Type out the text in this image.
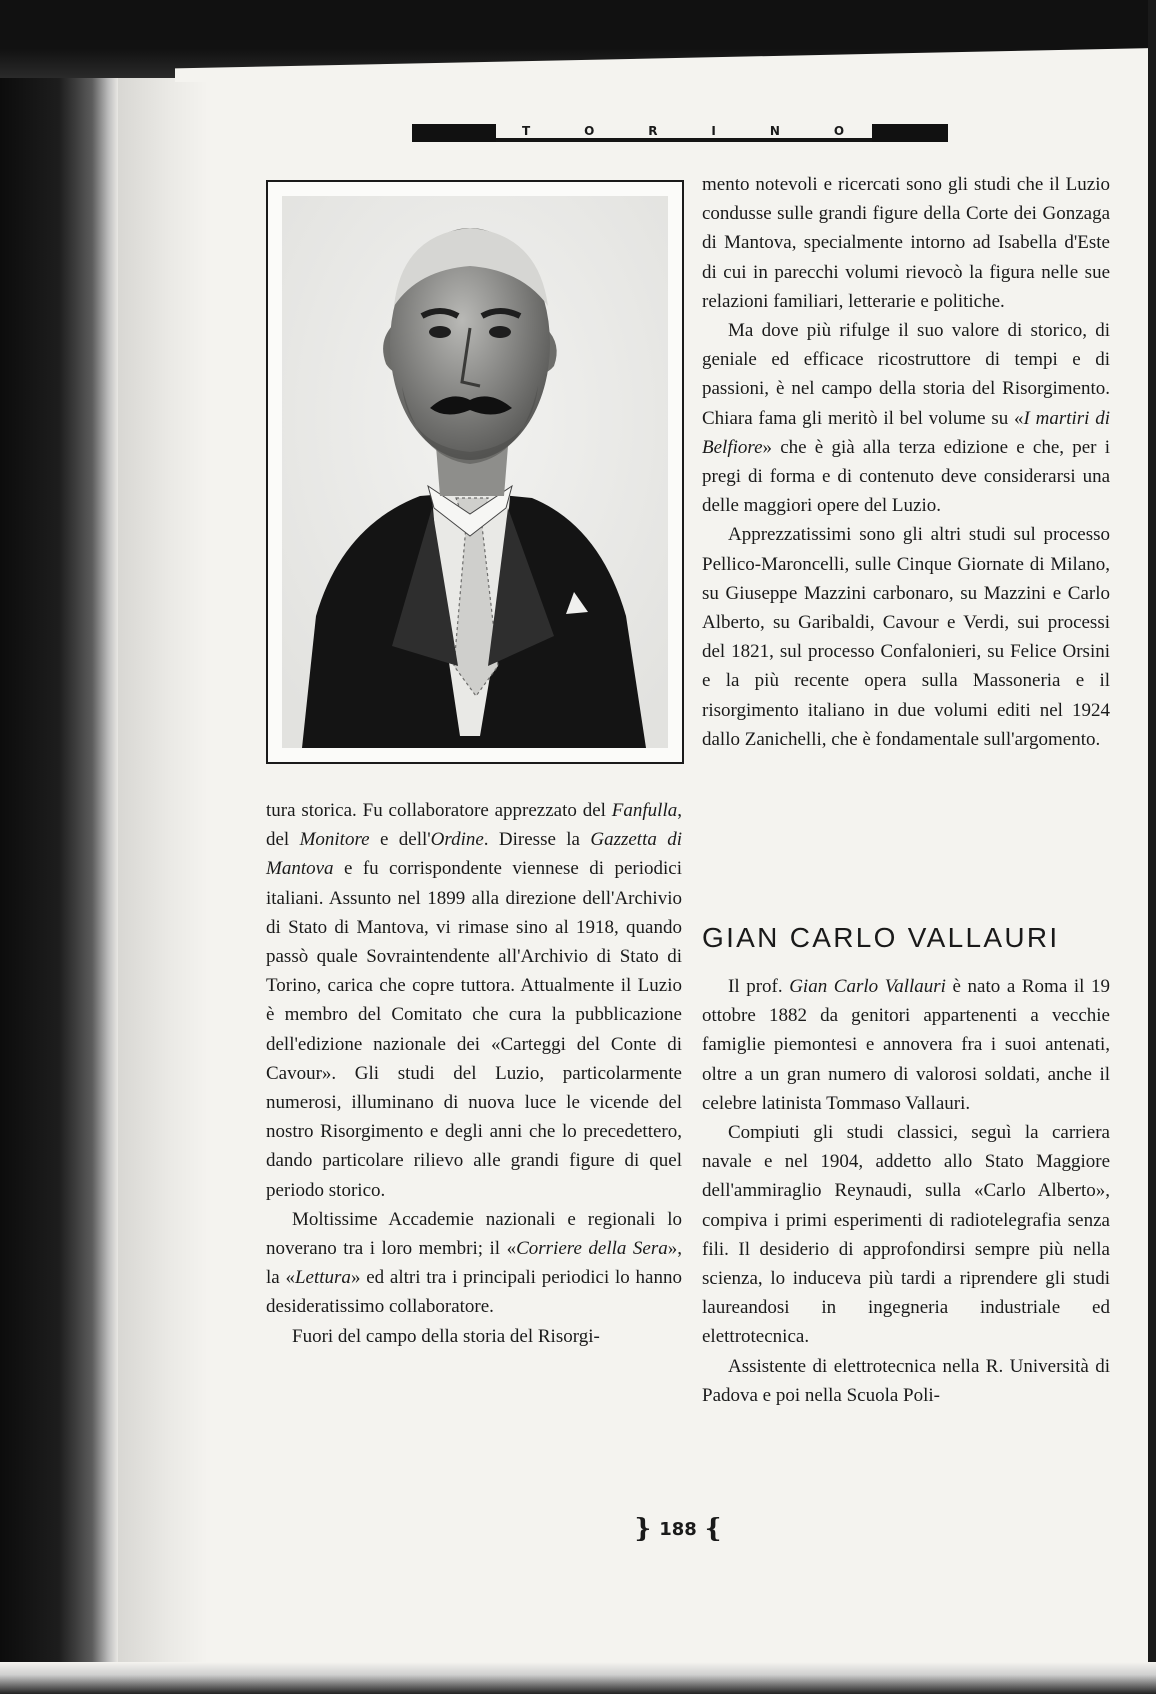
T	O	R	I	N	O

tura storica. Fu collaboratore apprezzato del Fanfulla, del Monitore e dell'Ordine. Diresse la Gazzetta di Mantova e fu corrispondente viennese di periodici italiani. Assunto nel 1899 alla direzione dell'Archivio di Stato di Mantova, vi rimase sino al 1918, quando passò quale Sovraintendente all'Archivio di Stato di Torino, carica che copre tuttora. Attualmente il Luzio è membro del Comitato che cura la pubblicazione dell'edizione nazionale dei «Carteggi del Conte di Cavour». Gli studi del Luzio, particolarmente numerosi, illuminano di nuova luce le vicende del nostro Risorgimento e degli anni che lo precedettero, dando particolare rilievo alle grandi figure di quel periodo storico.

Moltissime Accademie nazionali e regionali lo noverano tra i loro membri; il «Corriere della Sera», la «Lettura» ed altri tra i principali periodici lo hanno desideratissimo collaboratore.

Fuori del campo della storia del Risorgi-

mento notevoli e ricercati sono gli studi che il Luzio condusse sulle grandi figure della Corte dei Gonzaga di Mantova, specialmente intorno ad Isabella d'Este di cui in parecchi volumi rievocò la figura nelle sue relazioni familiari, letterarie e politiche.

Ma dove più rifulge il suo valore di storico, di geniale ed efficace ricostruttore di tempi e di passioni, è nel campo della storia del Risorgimento. Chiara fama gli meritò il bel volume su «I martiri di Belfiore» che è già alla terza edizione e che, per i pregi di forma e di contenuto deve considerarsi una delle maggiori opere del Luzio.

Apprezzatissimi sono gli altri studi sul processo Pellico-Maroncelli, sulle Cinque Giornate di Milano, su Giuseppe Mazzini carbonaro, su Mazzini e Carlo Alberto, su Garibaldi, Cavour e Verdi, sui processi del 1821, sul processo Confalonieri, su Felice Orsini e la più recente opera sulla Massoneria e il risorgimento italiano in due volumi editi nel 1924 dallo Zanichelli, che è fondamentale sull'argomento.

GIAN CARLO VALLAURI

Il prof. Gian Carlo Vallauri è nato a Roma il 19 ottobre 1882 da genitori appartenenti a vecchie famiglie piemontesi e annovera fra i suoi antenati, oltre a un gran numero di valorosi soldati, anche il celebre latinista Tommaso Vallauri.

Compiuti gli studi classici, seguì la carriera navale e nel 1904, addetto allo Stato Maggiore dell'ammiraglio Reynaudi, sulla «Carlo Alberto», compiva i primi esperimenti di radiotelegrafia senza fili. Il desiderio di approfondirsi sempre più nella scienza, lo induceva più tardi a riprendere gli studi laureandosi in ingegneria industriale ed elettrotecnica.

Assistente di elettrotecnica nella R. Università di Padova e poi nella Scuola Poli-

} 188 {
